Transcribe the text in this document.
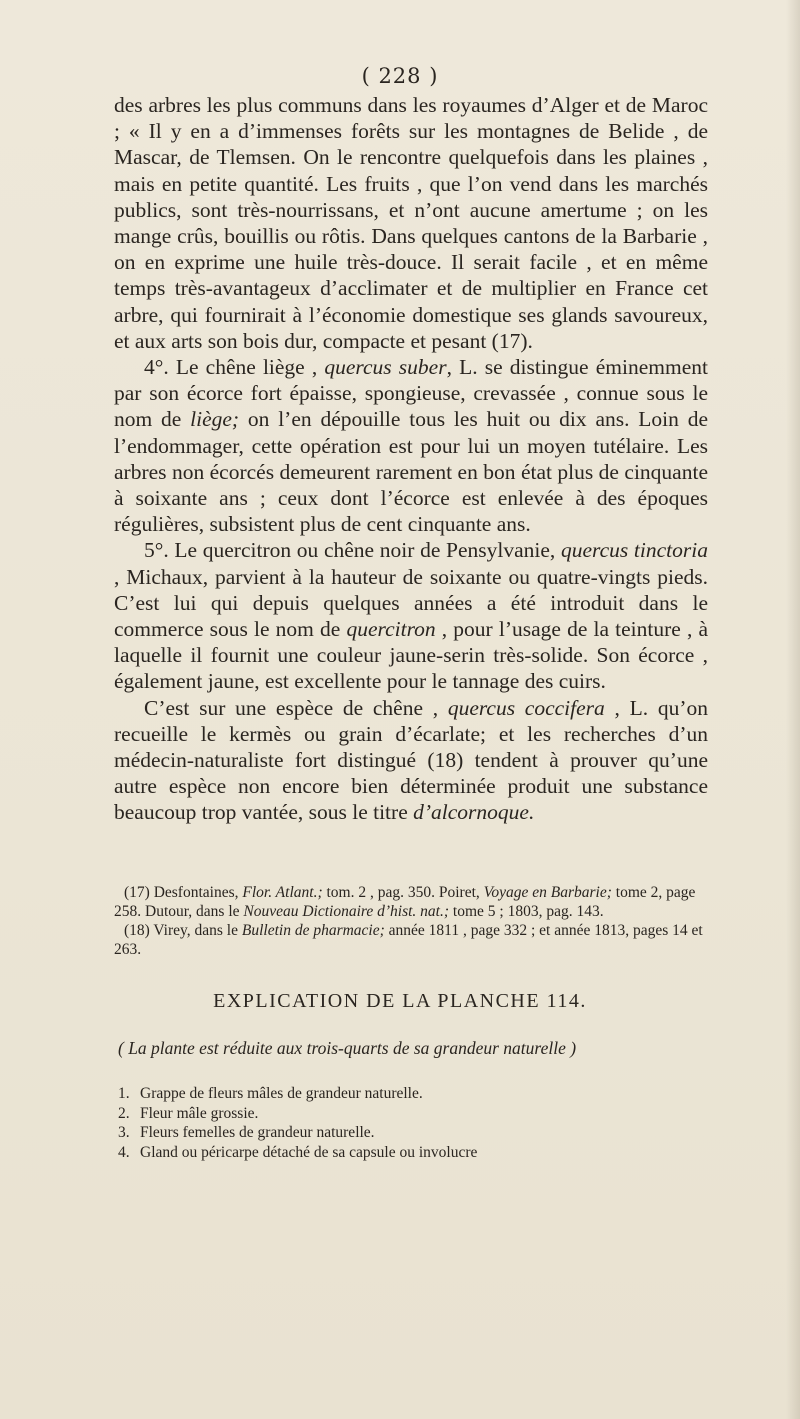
( 228 )

des arbres les plus communs dans les royaumes d’Alger et de Maroc ; « Il y en a d’immenses forêts sur les montagnes de Belide , de Mascar, de Tlemsen. On le rencontre quelquefois dans les plaines , mais en petite quantité. Les fruits , que l’on vend dans les marchés publics, sont très-nourrissans, et n’ont aucune amertume ; on les mange crûs, bouillis ou rôtis. Dans quelques cantons de la Barbarie , on en exprime une huile très-douce. Il serait facile , et en même temps très-avantageux d’acclimater et de multiplier en France cet arbre, qui fournirait à l’économie domestique ses glands savoureux, et aux arts son bois dur, compacte et pesant (17).

4°. Le chêne liège , quercus suber, L. se distingue éminemment par son écorce fort épaisse, spongieuse, crevassée , connue sous le nom de liège; on l’en dépouille tous les huit ou dix ans. Loin de l’endommager, cette opération est pour lui un moyen tutélaire. Les arbres non écorcés demeurent rarement en bon état plus de cinquante à soixante ans ; ceux dont l’écorce est enlevée à des époques régulières, subsistent plus de cent cinquante ans.

5°. Le quercitron ou chêne noir de Pensylvanie, quercus tinctoria , Michaux, parvient à la hauteur de soixante ou quatre-vingts pieds. C’est lui qui depuis quelques années a été introduit dans le commerce sous le nom de quercitron , pour l’usage de la teinture , à laquelle il fournit une couleur jaune-serin très-solide. Son écorce , également jaune, est excellente pour le tannage des cuirs.

C’est sur une espèce de chêne , quercus coccifera , L. qu’on recueille le kermès ou grain d’écarlate; et les recherches d’un médecin-naturaliste fort distingué (18) tendent à prouver qu’une autre espèce non encore bien déterminée produit une substance beaucoup trop vantée, sous le titre d’alcornoque.

(17) Desfontaines, Flor. Atlant.; tom. 2 , pag. 350. Poiret, Voyage en Barbarie; tome 2, page 258. Dutour, dans le Nouveau Dictionaire d’hist. nat.; tome 5 ; 1803, pag. 143.

(18) Virey, dans le Bulletin de pharmacie; année 1811 , page 332 ; et année 1813, pages 14 et 263.

EXPLICATION DE LA PLANCHE 114.
( La plante est réduite aux trois-quarts de sa grandeur naturelle )
1. Grappe de fleurs mâles de grandeur naturelle.
2. Fleur mâle grossie.
3. Fleurs femelles de grandeur naturelle.
4. Gland ou péricarpe détaché de sa capsule ou involucre
